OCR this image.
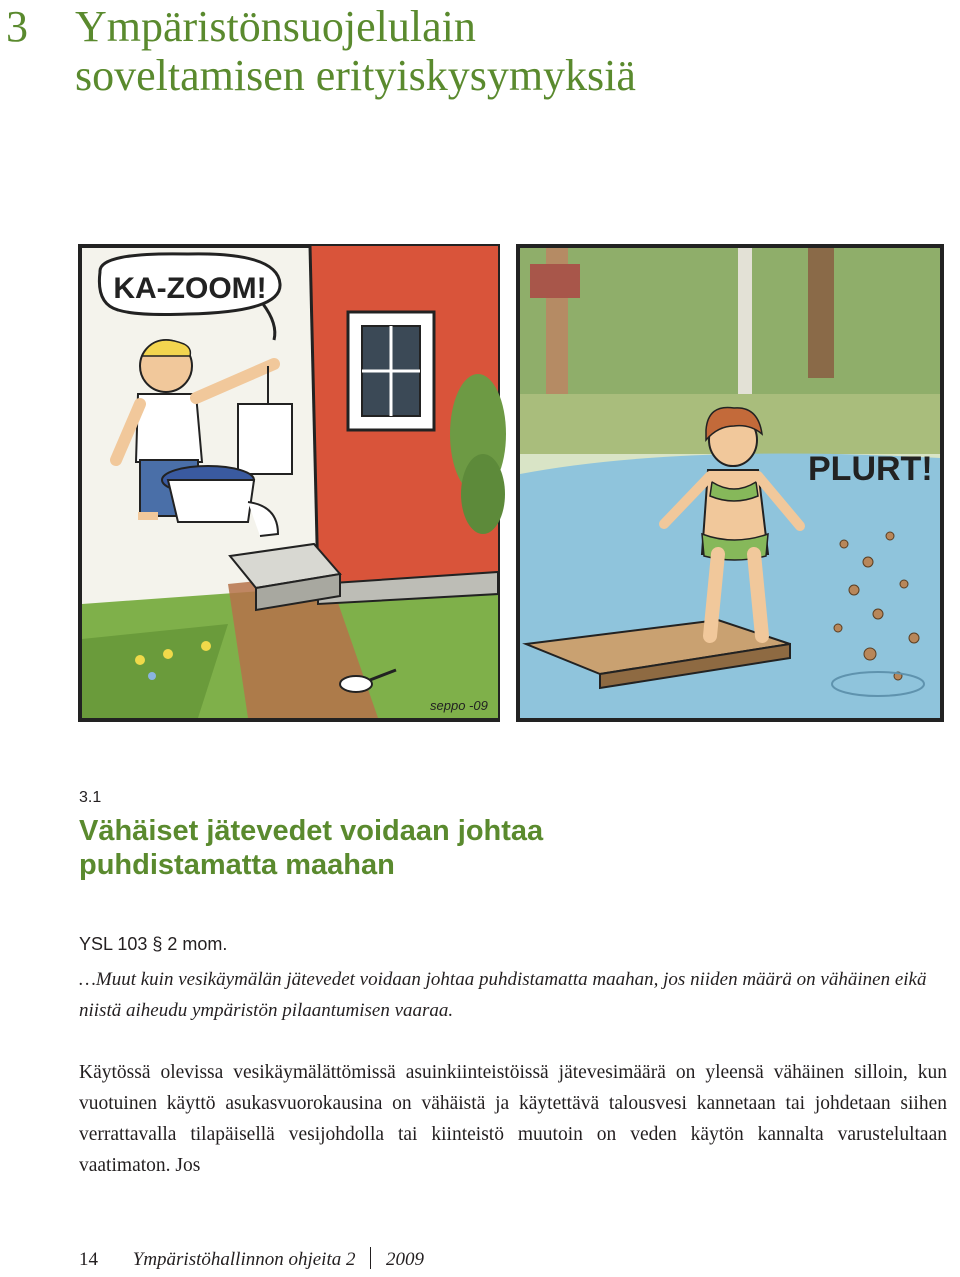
3 Ympäristönsuojelulain
soveltamisen erityiskysymyksiä
KA-ZOOM!
seppo -09
PLURT!
3.1
Vähäiset jätevedet voidaan johtaa
puhdistamatta maahan
YSL 103 § 2 mom.

…Muut kuin vesikäymälän jätevedet voidaan johtaa puhdistamatta maahan, jos niiden määrä on vähäinen eikä niistä aiheudu ympäristön pilaantumisen vaaraa.

Käytössä olevissa vesikäymälättömissä asuinkiinteistöissä jätevesimäärä on yleensä vähäinen silloin, kun vuotuinen käyttö asukasvuorokausina on vähäistä ja käytettävä talousvesi kannetaan tai johdetaan siihen verrattavalla tilapäisellä vesijohdolla tai kiinteistö muutoin on veden käytön kannalta varustelultaan vaatimaton. Jos

14 Ympäristöhallinnon ohjeita 2 2009
